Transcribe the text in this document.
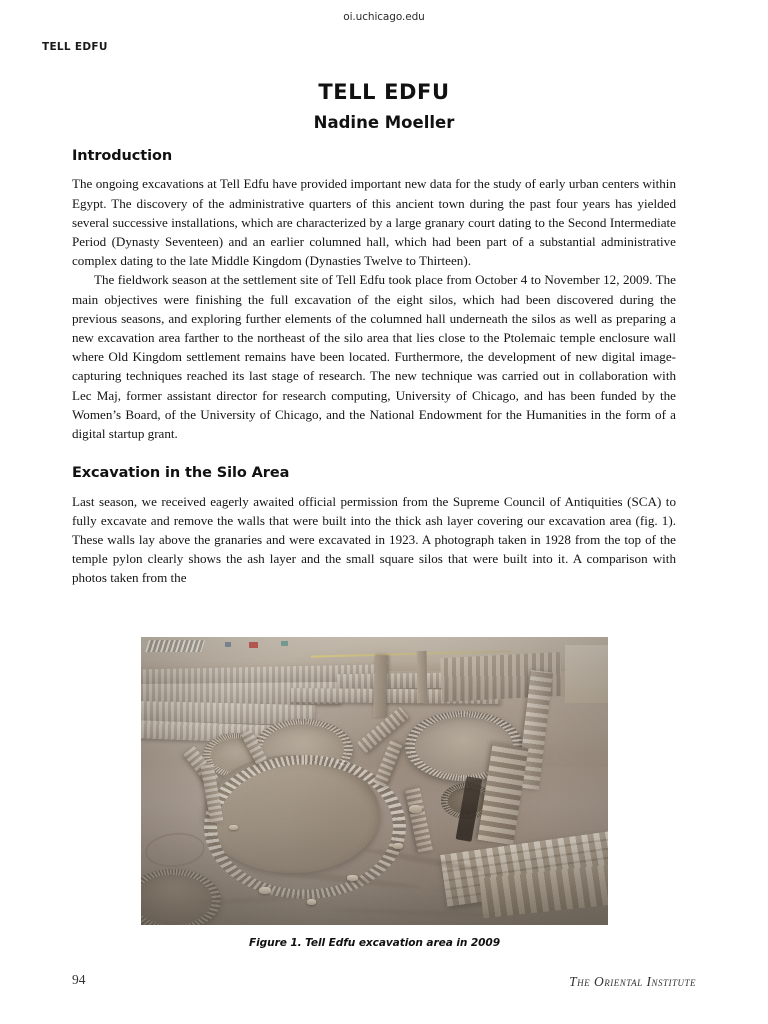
oi.uchicago.edu
TELL EDFU
TELL EDFU

Nadine Moeller

Introduction

The ongoing excavations at Tell Edfu have provided important new data for the study of early urban centers within Egypt. The discovery of the administrative quarters of this ancient town during the past four years has yielded several successive installations, which are characterized by a large granary court dating to the Second Intermediate Period (Dynasty Seventeen) and an earlier columned hall, which had been part of a substantial administrative complex dating to the late Middle Kingdom (Dynasties Twelve to Thirteen).

The fieldwork season at the settlement site of Tell Edfu took place from October 4 to November 12, 2009. The main objectives were finishing the full excavation of the eight silos, which had been discovered during the previous seasons, and exploring further elements of the columned hall underneath the silos as well as preparing a new excavation area farther to the northeast of the silo area that lies close to the Ptolemaic temple enclosure wall where Old Kingdom settlement remains have been located. Furthermore, the development of new digital image-capturing techniques reached its last stage of research. The new technique was carried out in collaboration with Lec Maj, former assistant director for research computing, University of Chicago, and has been funded by the Women’s Board, of the University of Chicago, and the National Endowment for the Humanities in the form of a digital startup grant.

Excavation in the Silo Area

Last season, we received eagerly awaited official permission from the Supreme Council of Antiquities (SCA) to fully excavate and remove the walls that were built into the thick ash layer covering our excavation area (fig. 1). These walls lay above the granaries and were excavated in 1923. A photograph taken in 1928 from the top of the temple pylon clearly shows the ash layer and the small square silos that were built into it. A comparison with photos taken from the

Figure 1. Tell Edfu excavation area in 2009
94	The Oriental Institute
